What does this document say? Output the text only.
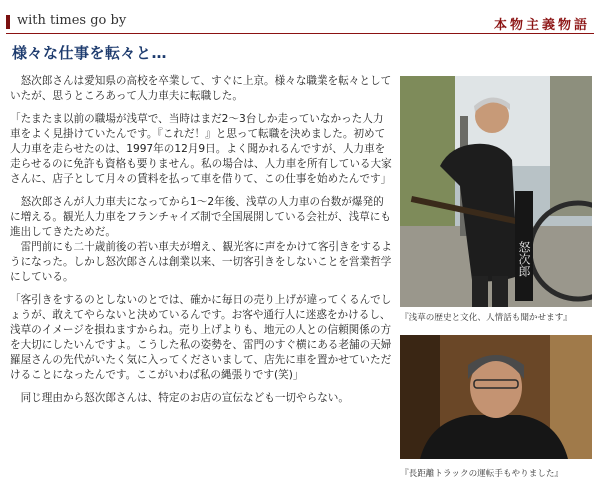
with times go by	本物主義物語
様々な仕事を転々と…

　怒次郎さんは愛知県の高校を卒業して、すぐに上京。様々な職業を転々としていたが、思うところあって人力車夫に転職した。

「たまたま以前の職場が浅草で、当時はまだ2～3台しか走っていなかった人力車をよく見掛けていたんです。『これだ！』と思って転職を決めました。初めて人力車を走らせたのは、1997年の12月9日。よく聞かれるんですが、人力車を走らせるのに免許も資格も要りません。私の場合は、人力車を所有している大家さんに、店子として月々の賃料を払って車を借りて、この仕事を始めたんです」

　怒次郎さんが人力車夫になってから1～2年後、浅草の人力車の台数が爆発的に増える。観光人力車をフランチャイズ制で全国展開している会社が、浅草にも進出してきたためだ。
　雷門前にも二十歳前後の若い車夫が増え、観光客に声をかけて客引きをするようになった。しかし怒次郎さんは創業以来、一切客引きをしないことを営業哲学にしている。

「客引きをするのとしないのとでは、確かに毎日の売り上げが違ってくるんでしょうが、敢えてやらないと決めているんです。お客や通行人に迷惑をかけるし、浅草のイメージを損ねますからね。売り上げよりも、地元の人との信頼関係の方を大切にしたいんですよ。こうした私の姿勢を、雷門のすぐ横にある老舗の天婦羅屋さんの先代がいたく気に入ってくださいまして、店先に車を置かせていただけることになったんです。ここがいわば私の縄張りです(笑)」

　同じ理由から怒次郎さんは、特定のお店の宣伝なども一切やらない。

怒次郎
『浅草の歴史と文化、人情話も聞かせます』
『長距離トラックの運転手もやりました』
